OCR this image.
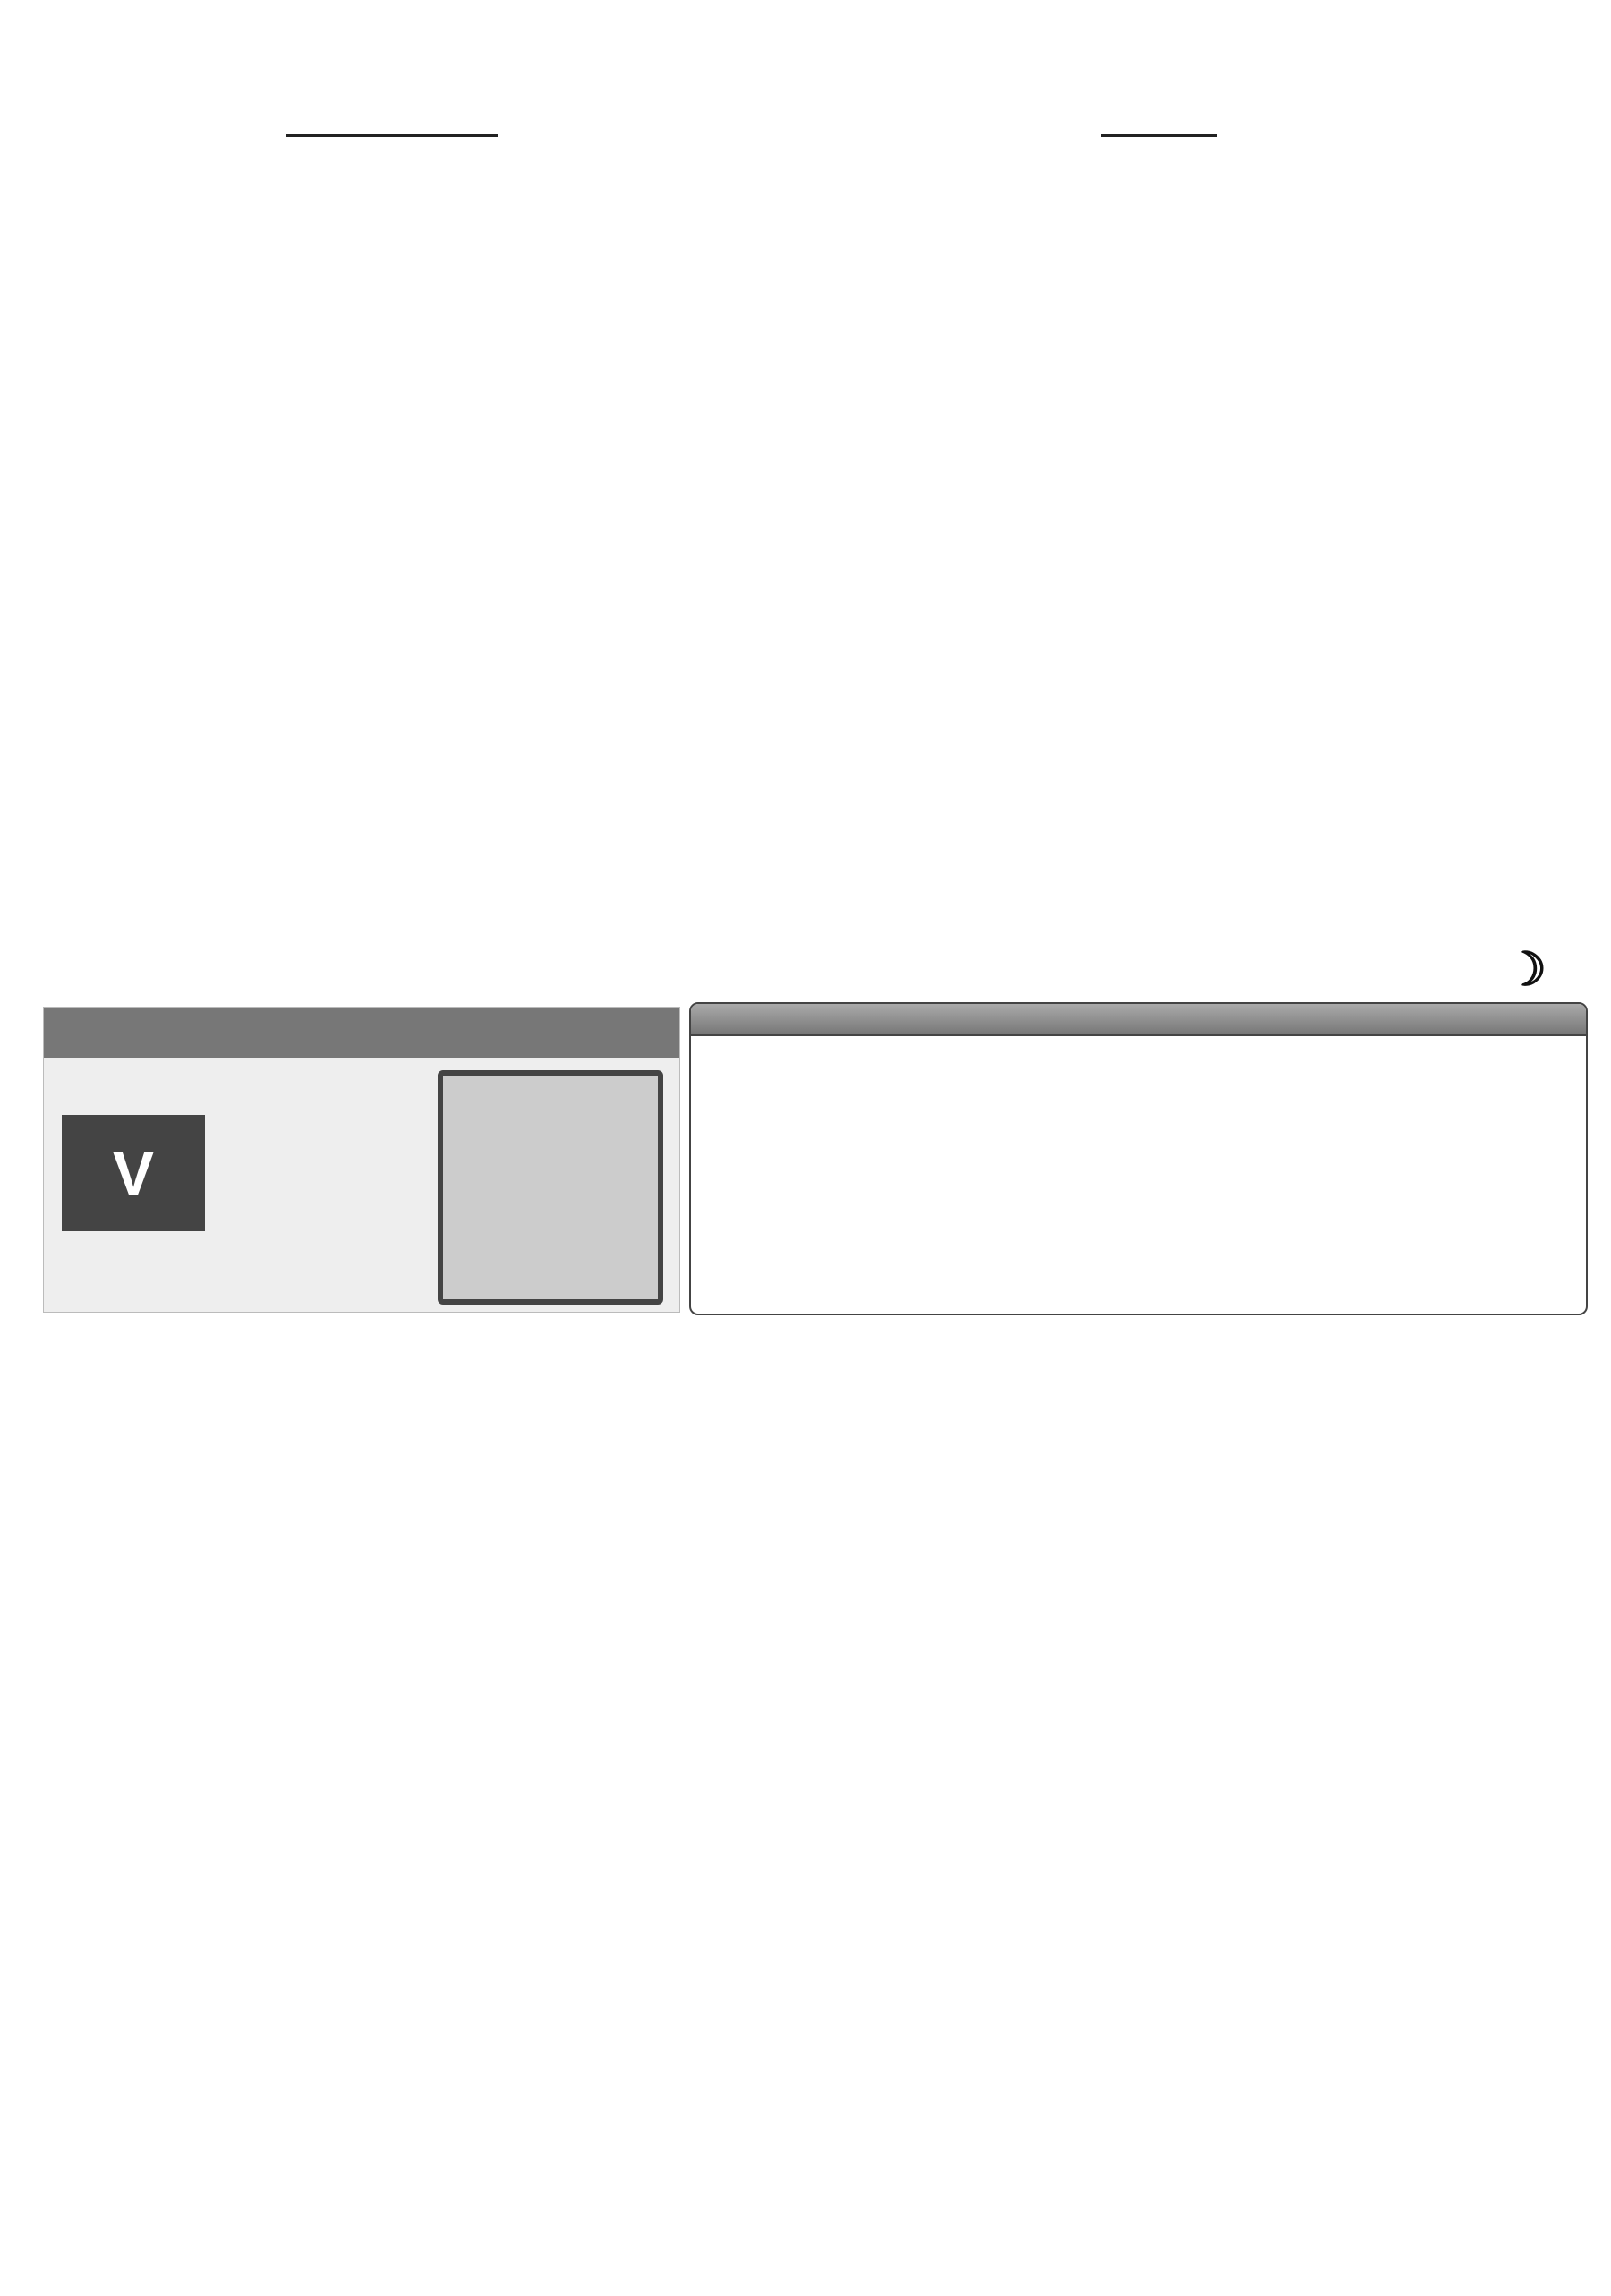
☽
V
